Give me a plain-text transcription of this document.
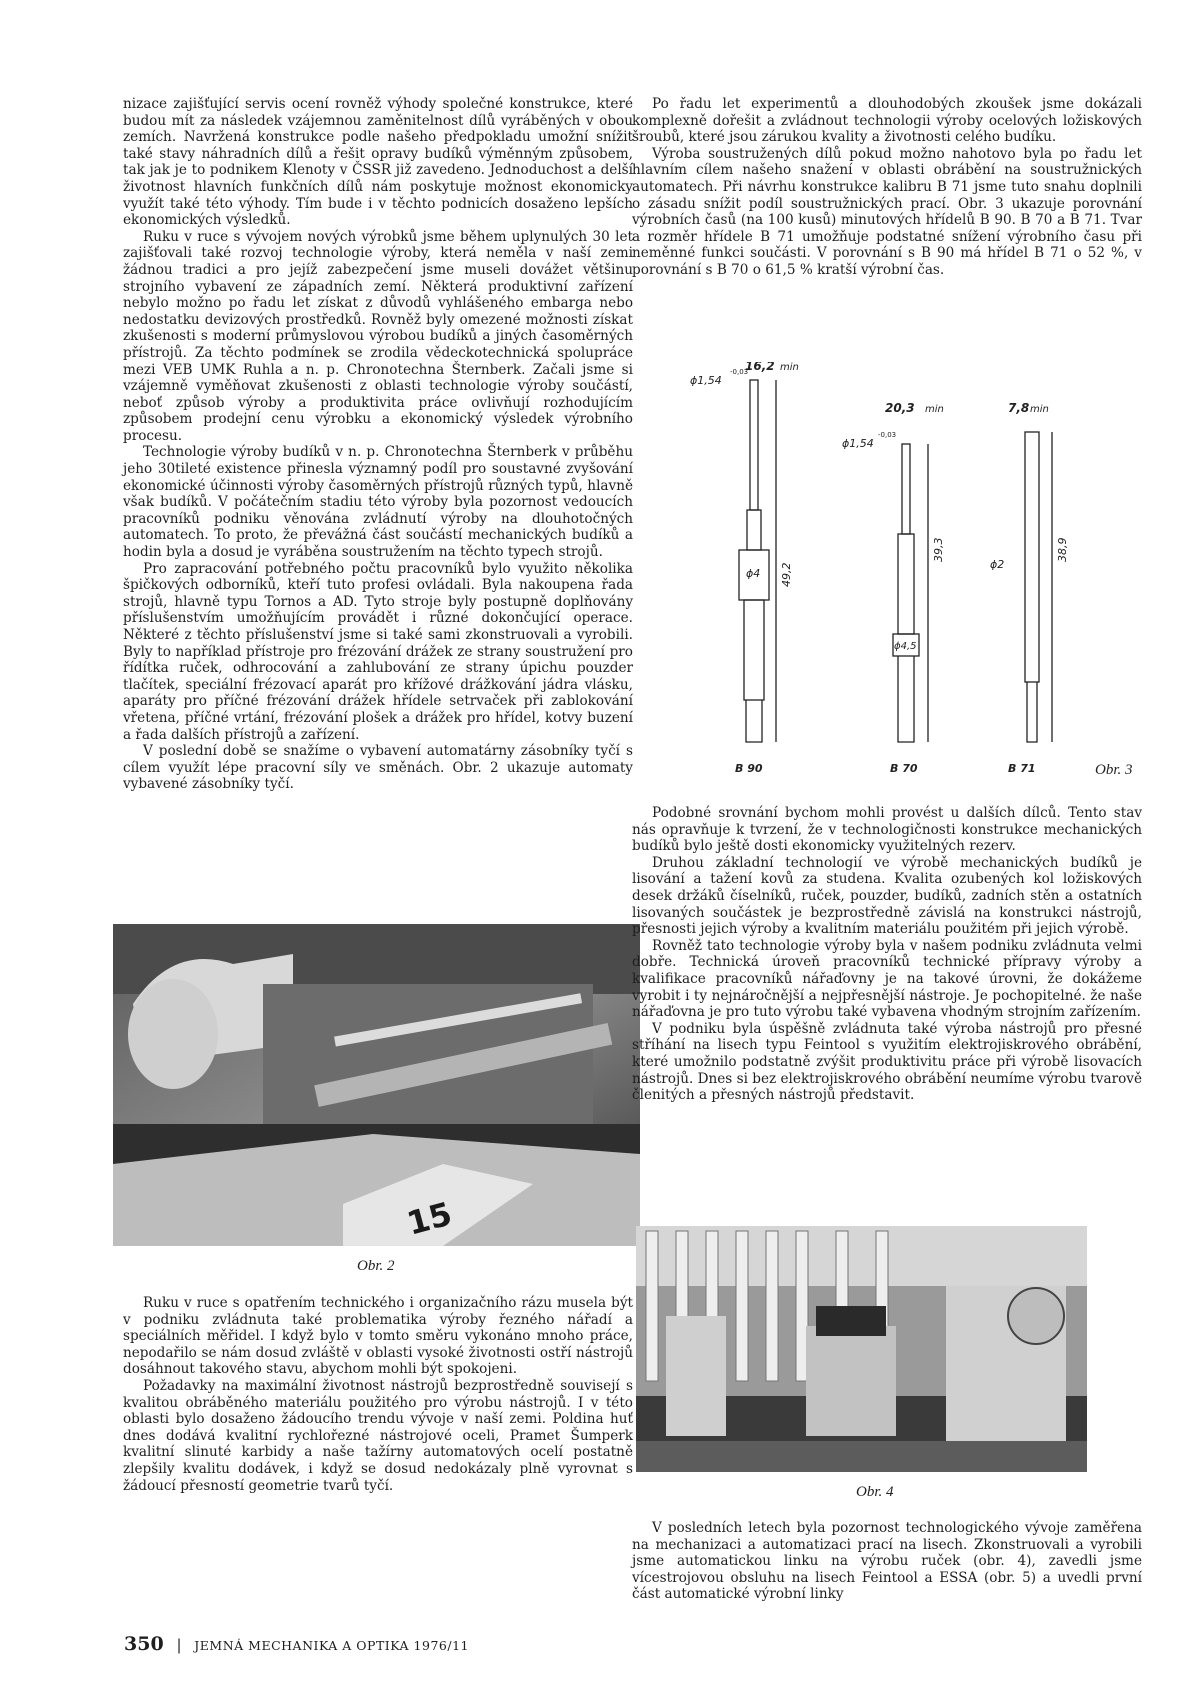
nizace zajišťující servis ocení rovněž výhody společné konstrukce, které budou mít za následek vzájemnou zaměnitelnost dílů vyráběných v obou zemích. Navržená konstrukce podle našeho předpokladu umožní snížit také stavy náhradních dílů a řešit opravy budíků výměnným způsobem, tak jak je to podnikem Klenoty v ČSSR již zavedeno. Jednoduchost a delší životnost hlavních funkčních dílů nám poskytuje možnost ekonomicky využít také této výhody. Tím bude i v těchto podnicích dosaženo lepších ekonomických výsledků.

Ruku v ruce s vývojem nových výrobků jsme během uplynulých 30 let zajišťovali také rozvoj technologie výroby, která neměla v naší zemi žádnou tradici a pro jejíž zabezpečení jsme museli dovážet většinu strojního vybavení ze západních zemí. Některá produktivní zařízení nebylo možno po řadu let získat z důvodů vyhlášeného embarga nebo nedostatku devizových prostředků. Rovněž byly omezené možnosti získat zkušenosti s moderní průmyslovou výrobou budíků a jiných časoměrných přístrojů. Za těchto podmínek se zrodila vědeckotechnická spolupráce mezi VEB UMK Ruhla a n. p. Chronotechna Šternberk. Začali jsme si vzájemně vyměňovat zkušenosti z oblasti technologie výroby součástí, neboť způsob výroby a produktivita práce ovlivňují rozhodujícím způsobem prodejní cenu výrobku a ekonomický výsledek výrobního procesu.

Technologie výroby budíků v n. p. Chronotechna Šternberk v průběhu jeho 30tileté existence přinesla významný podíl pro soustavné zvyšování ekonomické účinnosti výroby časoměrných přístrojů různých typů, hlavně však budíků. V počátečním stadiu této výroby byla pozornost vedoucích pracovníků podniku věnována zvládnutí výroby na dlouhotočných automatech. To proto, že převážná část součástí mechanických budíků a hodin byla a dosud je vyráběna soustružením na těchto typech strojů.

Pro zapracování potřebného počtu pracovníků bylo využito několika špičkových odborníků, kteří tuto profesi ovládali. Byla nakoupena řada strojů, hlavně typu Tornos a AD. Tyto stroje byly postupně doplňovány příslušenstvím umožňujícím provádět i různé dokončující operace. Některé z těchto příslušenství jsme si také sami zkonstruovali a vyrobili. Byly to například přístroje pro frézování drážek ze strany soustružení pro řídítka ruček, odhrocování a zahlubování ze strany úpichu pouzder tlačítek, speciální frézovací aparát pro křížové drážkování jádra vlásku, aparáty pro příčné frézování drážek hřídele setrvaček při zablokování vřetena, příčné vrtání, frézování plošek a drážek pro hřídel, kotvy buzení a řada dalších přístrojů a zařízení.

V poslední době se snažíme o vybavení automatárny zásobníky tyčí s cílem využít lépe pracovní síly ve směnách. Obr. 2 ukazuje automaty vybavené zásobníky tyčí.

15
Obr. 2

Ruku v ruce s opatřením technického i organizačního rázu musela být v podniku zvládnuta také problematika výroby řezného nářadí a speciálních měřidel. I když bylo v tomto směru vykonáno mnoho práce, nepodařilo se nám dosud zvláště v oblasti vysoké životnosti ostří nástrojů dosáhnout takového stavu, abychom mohli být spokojeni.

Požadavky na maximální životnost nástrojů bezprostředně souvisejí s kvalitou obráběného materiálu použitého pro výrobu nástrojů. I v této oblasti bylo dosaženo žádoucího trendu vývoje v naší zemi. Poldina huť dnes dodává kvalitní rychlořezné nástrojové oceli, Pramet Šumperk kvalitní slinuté karbidy a naše tažírny automatových ocelí postatně zlepšily kvalitu dodávek, i když se dosud nedokázaly plně vyrovnat s žádoucí přesností geometrie tvarů tyčí.

Po řadu let experimentů a dlouhodobých zkoušek jsme dokázali komplexně dořešit a zvládnout technologii výroby ocelových ložiskových šroubů, které jsou zárukou kvality a životnosti celého budíku.

Výroba soustružených dílů pokud možno nahotovo byla po řadu let hlavním cílem našeho snažení v oblasti obrábění na soustružnických automatech. Při návrhu konstrukce kalibru B 71 jsme tuto snahu doplnili o zásadu snížit podíl soustružnických prací. Obr. 3 ukazuje porovnání výrobních časů (na 100 kusů) minutových hřídelů B 90. B 70 a B 71. Tvar a rozměr hřídele B 71 umožňuje podstatné snížení výrobního času při neměnné funkci součásti. V porovnání s B 90 má hřídel B 71 o 52 %, v porovnání s B 70 o 61,5 % kratší výrobní čas.

16,2 min
ϕ1,54
-0,03
ϕ4 49,2
B 90
20,3 min
ϕ1,54
-0,03
ϕ4,5
39,3
B 70
7,8 min
ϕ2
38,9
B 71	Obr. 3

Podobné srovnání bychom mohli provést u dalších dílců. Tento stav nás opravňuje k tvrzení, že v technologičnosti konstrukce mechanických budíků bylo ještě dosti ekonomicky využitelných rezerv.

Druhou základní technologií ve výrobě mechanických budíků je lisování a tažení kovů za studena. Kvalita ozubených kol ložiskových desek držáků číselníků, ruček, pouzder, budíků, zadních stěn a ostatních lisovaných součástek je bezprostředně závislá na konstrukci nástrojů, přesnosti jejich výroby a kvalitním materiálu použitém při jejich výrobě.

Rovněž tato technologie výroby byla v našem podniku zvládnuta velmi dobře. Technická úroveň pracovníků technické přípravy výroby a kvalifikace pracovníků nářaďovny je na takové úrovni, že dokážeme vyrobit i ty nejnáročnější a nejpřesnější nástroje. Je pochopitelné. že naše nářaďovna je pro tuto výrobu také vybavena vhodným strojním zařízením.

V podniku byla úspěšně zvládnuta také výroba nástrojů pro přesné stříhání na lisech typu Feintool s využitím elektrojiskrového obrábění, které umožnilo podstatně zvýšit produktivitu práce při výrobě lisovacích nástrojů. Dnes si bez elektrojiskrového obrábění neumíme výrobu tvarově členitých a přesných nástrojů představit.

Obr. 4

V posledních letech byla pozornost technologického vývoje zaměřena na mechanizaci a automatizaci prací na lisech. Zkonstruovali a vyrobili jsme automatickou linku na výrobu ruček (obr. 4), zavedli jsme vícestrojovou obsluhu na lisech Feintool a ESSA (obr. 5) a uvedli první část automatické výrobní linky

350 | JEMNÁ MECHANIKA A OPTIKA 1976/11
